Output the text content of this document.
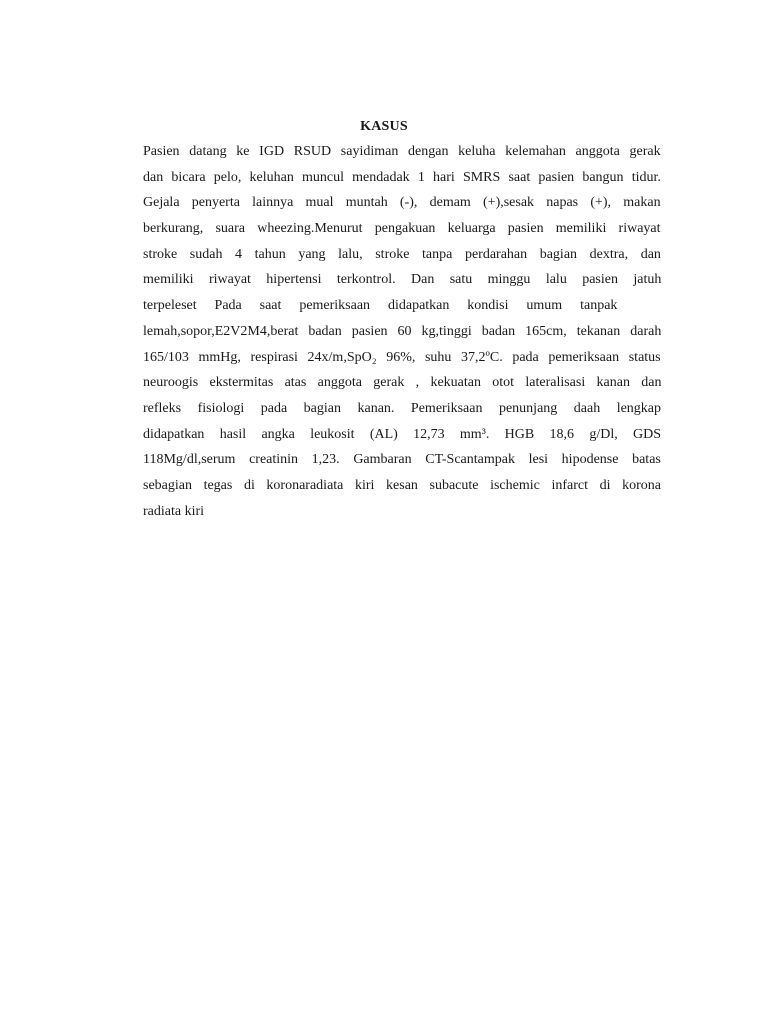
KASUS
Pasien datang ke IGD RSUD sayidiman dengan keluha kelemahan anggota gerak
dan bicara pelo, keluhan muncul mendadak 1 hari SMRS saat pasien bangun tidur.
Gejala penyerta lainnya mual muntah (-), demam (+),sesak napas (+), makan
berkurang, suara wheezing.Menurut pengakuan keluarga pasien memiliki riwayat
stroke sudah 4 tahun yang lalu, stroke tanpa perdarahan bagian dextra, dan
memiliki riwayat hipertensi terkontrol. Dan satu minggu lalu pasien jatuh
terpeleset Pada saat pemeriksaan didapatkan kondisi umum tanpak
lemah,sopor,E2V2M4,berat badan pasien 60 kg,tinggi badan 165cm, tekanan darah
165/103 mmHg, respirasi 24x/m,SpO₂ 96%, suhu 37,2ºC. pada pemeriksaan status
neuroogis ekstermitas atas anggota gerak , kekuatan otot lateralisasi kanan dan
refleks fisiologi pada bagian kanan. Pemeriksaan penunjang daah lengkap
didapatkan hasil angka leukosit (AL) 12,73 mm³. HGB 18,6 g/Dl, GDS
118Mg/dl,serum creatinin 1,23. Gambaran CT-Scantampak lesi hipodense batas
sebagian tegas di koronaradiata kiri kesan subacute ischemic infarct di korona
radiata kiri
